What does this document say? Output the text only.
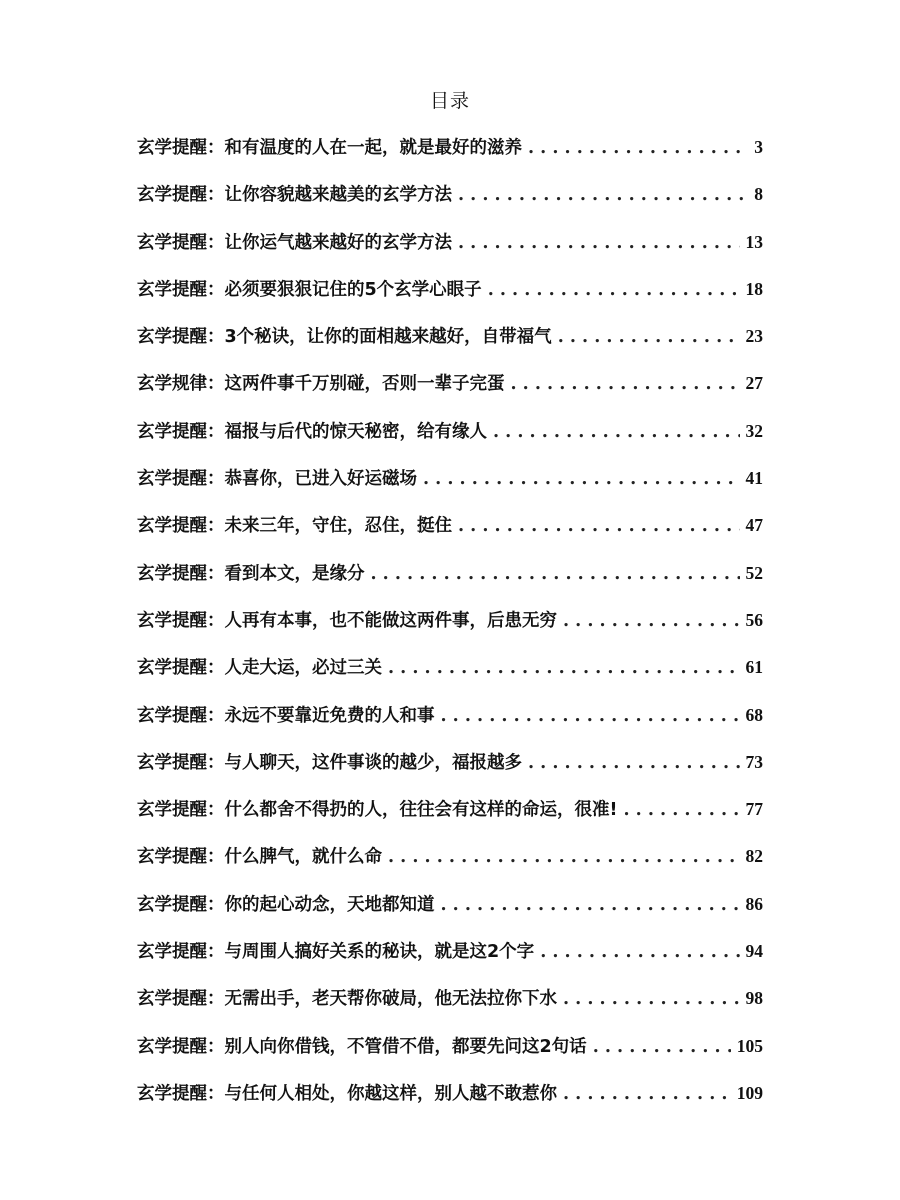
目录
玄学提醒：和有温度的人在一起，就是最好的滋养 . . .	3
玄学提醒：让你容貌越来越美的玄学方法 . . .	8
玄学提醒：让你运气越来越好的玄学方法 . . .	13
玄学提醒：必须要狠狠记住的5个玄学心眼子 . . .	18
玄学提醒：3个秘诀，让你的面相越来越好，自带福气 . . .	23
玄学规律：这两件事千万别碰，否则一辈子完蛋 . . .	27
玄学提醒：福报与后代的惊天秘密，给有缘人 . . .	32
玄学提醒：恭喜你，已进入好运磁场 . . .	41
玄学提醒：未来三年，守住，忍住，挺住 . . .	47
玄学提醒：看到本文，是缘分 . . .	52
玄学提醒：人再有本事，也不能做这两件事，后患无穷 . . .	56
玄学提醒：人走大运，必过三关 . . .	61
玄学提醒：永远不要靠近免费的人和事 . . .	68
玄学提醒：与人聊天，这件事谈的越少，福报越多 . . .	73
玄学提醒：什么都舍不得扔的人，往往会有这样的命运，很准! . . .	77
玄学提醒：什么脾气，就什么命 . . .	82
玄学提醒：你的起心动念，天地都知道 . . .	86
玄学提醒：与周围人搞好关系的秘诀，就是这2个字 . . .	94
玄学提醒：无需出手，老天帮你破局，他无法拉你下水 . . .	98
玄学提醒：别人向你借钱，不管借不借，都要先问这2句话 . . .	105
玄学提醒：与任何人相处，你越这样，别人越不敢惹你 . . .	109
